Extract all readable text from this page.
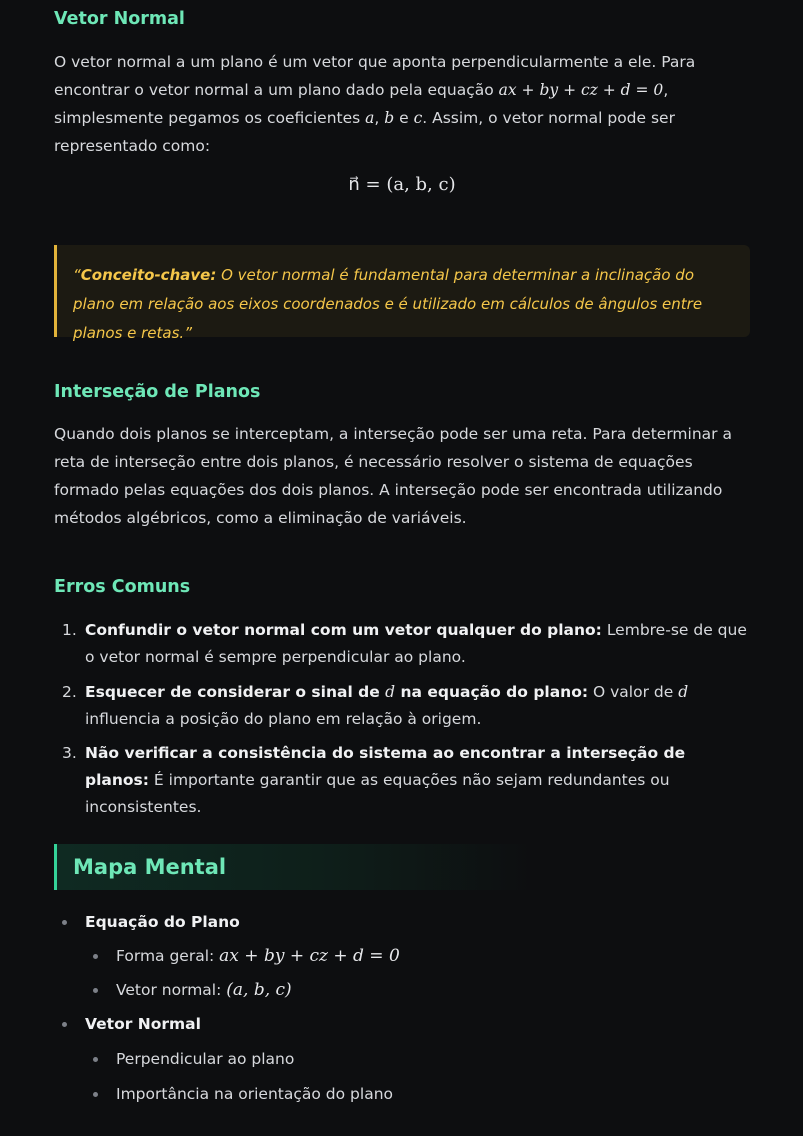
Vetor Normal

O vetor normal a um plano é um vetor que aponta perpendicularmente a ele. Para encontrar o vetor normal a um plano dado pela equação ax + by + cz + d = 0, simplesmente pegamos os coeficientes a, b e c. Assim, o vetor normal pode ser representado como:

n⃗ = (a, b, c)
“Conceito-chave: O vetor normal é fundamental para determinar a inclinação do plano em relação aos eixos coordenados e é utilizado em cálculos de ângulos entre planos e retas.”
Interseção de Planos

Quando dois planos se interceptam, a interseção pode ser uma reta. Para determinar a reta de interseção entre dois planos, é necessário resolver o sistema de equações formado pelas equações dos dois planos. A interseção pode ser encontrada utilizando métodos algébricos, como a eliminação de variáveis.

Erros Comuns
1. Confundir o vetor normal com um vetor qualquer do plano: Lembre-se de que o vetor normal é sempre perpendicular ao plano.
2. Esquecer de considerar o sinal de d na equação do plano: O valor de d influencia a posição do plano em relação à origem.
3. Não verificar a consistência do sistema ao encontrar a interseção de planos: É importante garantir que as equações não sejam redundantes ou inconsistentes.
Mapa Mental
Equação do Plano
Forma geral: ax + by + cz + d = 0
Vetor normal: (a, b, c)
Vetor Normal
Perpendicular ao plano
Importância na orientação do plano
